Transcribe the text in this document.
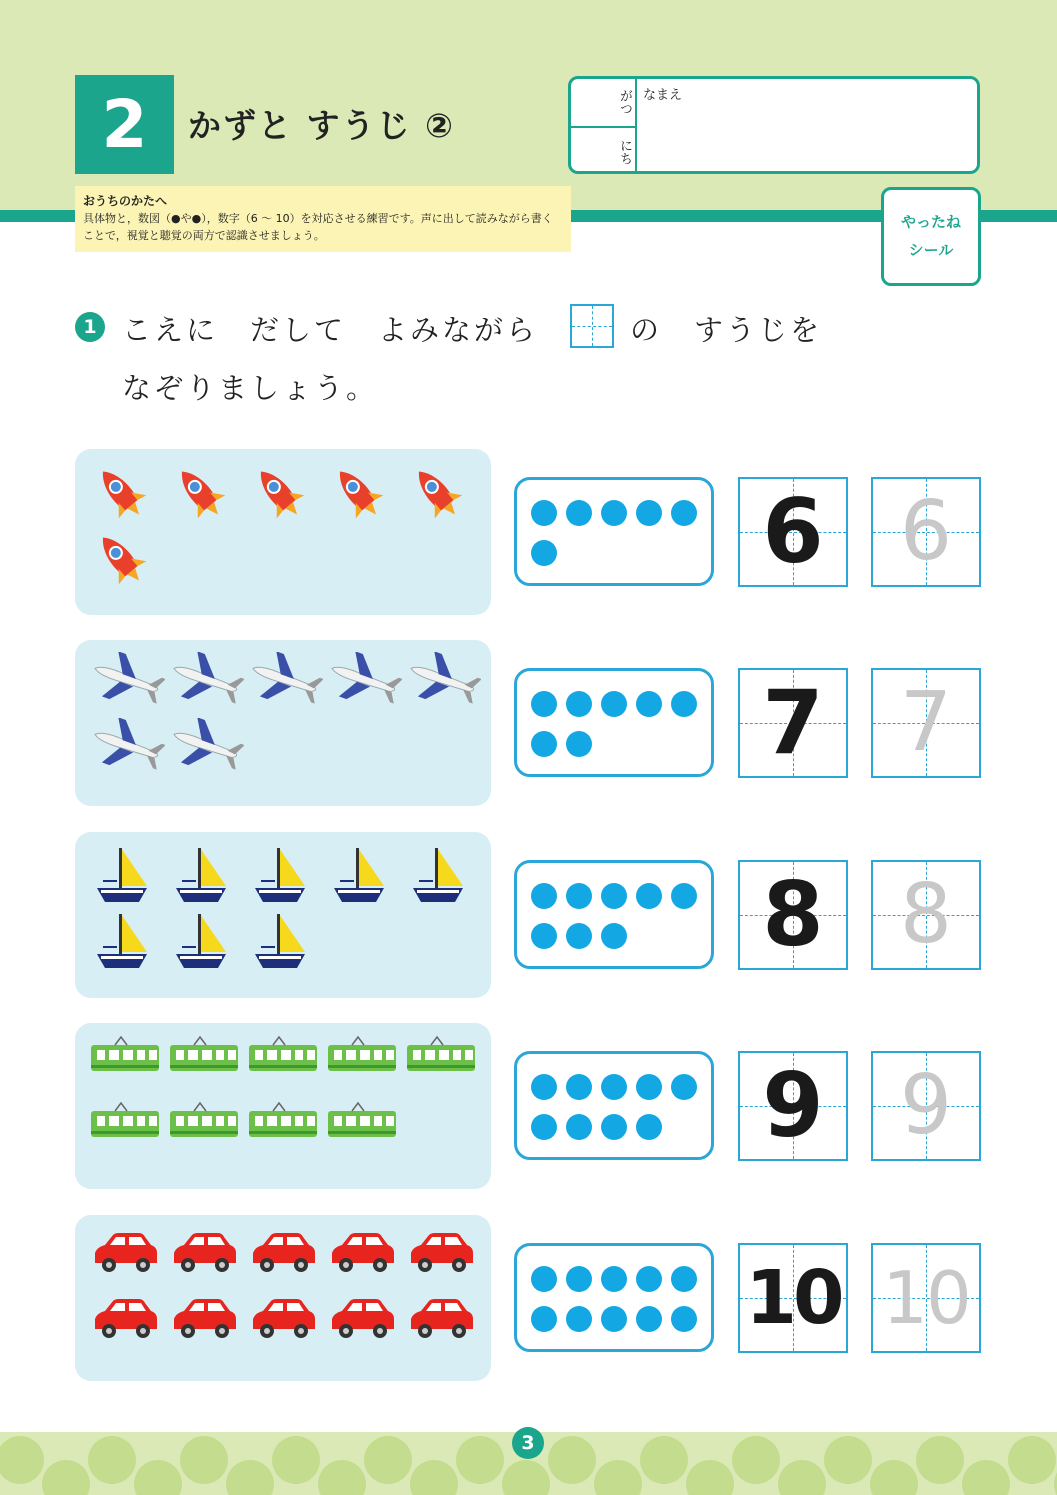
2	かずと すうじ ②
おうちのかたへ
具体物と，数図（●や●），数字（6 ～ 10）を対応させる練習です。声に出して読みながら書くことで，視覚と聴覚の両方で認識させましょう。
がつ
にち
なまえ
やったね
シール
1 こえに　だして　よみながら	の　すうじを
なぞりましょう。
6 6
7 7
8 8
9 9
10 10
3
